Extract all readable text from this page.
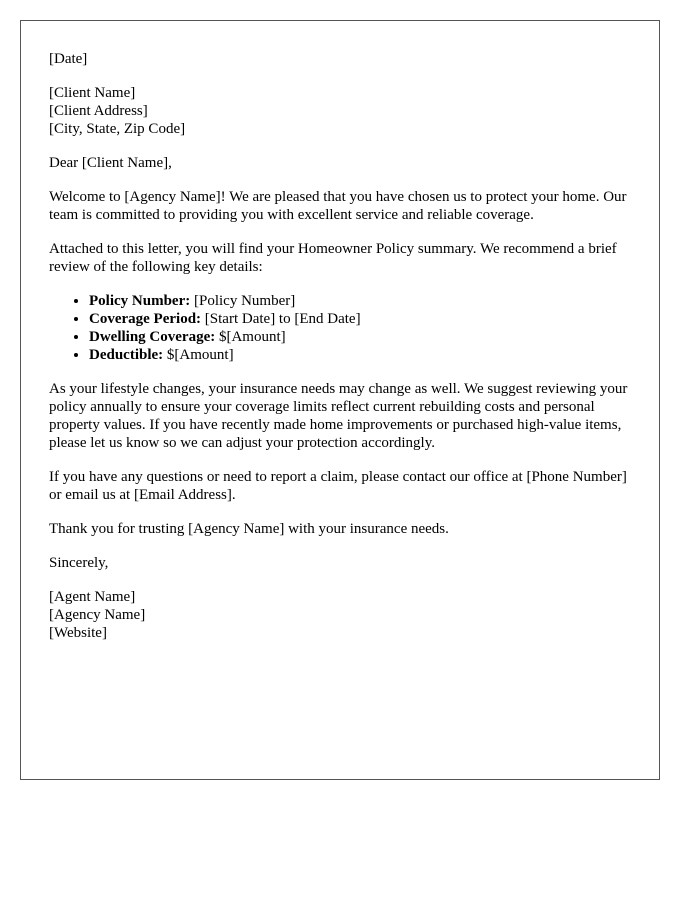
[Date]

[Client Name]
[Client Address]
[City, State, Zip Code]

Dear [Client Name],

Welcome to [Agency Name]! We are pleased that you have chosen us to protect your home. Our team is committed to providing you with excellent service and reliable coverage.

Attached to this letter, you will find your Homeowner Policy summary. We recommend a brief review of the following key details:

• Policy Number: [Policy Number]
• Coverage Period: [Start Date] to [End Date]
• Dwelling Coverage: $[Amount]
• Deductible: $[Amount]

As your lifestyle changes, your insurance needs may change as well. We suggest reviewing your policy annually to ensure your coverage limits reflect current rebuilding costs and personal property values. If you have recently made home improvements or purchased high-value items, please let us know so we can adjust your protection accordingly.

If you have any questions or need to report a claim, please contact our office at [Phone Number] or email us at [Email Address].

Thank you for trusting [Agency Name] with your insurance needs.

Sincerely,

[Agent Name]
[Agency Name]
[Website]
